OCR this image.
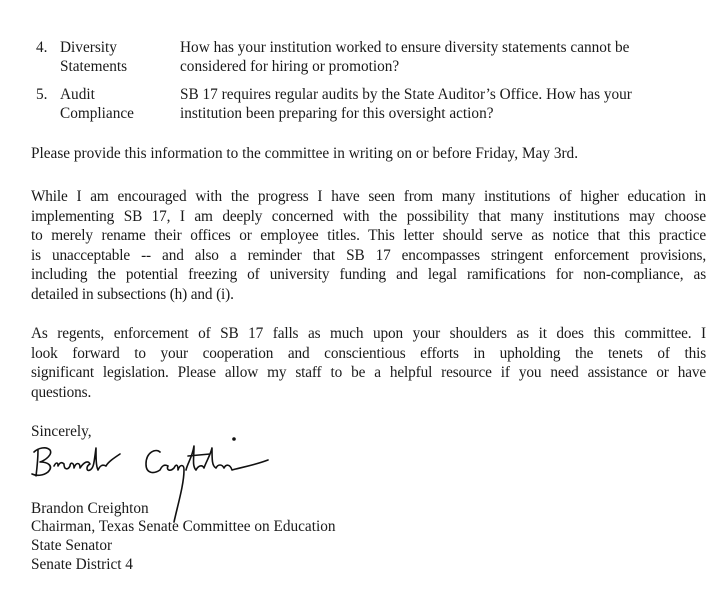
4. Diversity
Statements
How has your institution worked to ensure diversity statements cannot be
considered for hiring or promotion?
5. Audit
Compliance
SB 17 requires regular audits by the State Auditor’s Office. How has your
institution been preparing for this oversight action?
Please provide this information to the committee in writing on or before Friday, May 3rd.
While I am encouraged with the progress I have seen from many institutions of higher education in
implementing SB 17, I am deeply concerned with the possibility that many institutions may choose
to merely rename their offices or employee titles. This letter should serve as notice that this practice
is unacceptable -- and also a reminder that SB 17 encompasses stringent enforcement provisions,
including the potential freezing of university funding and legal ramifications for non-compliance, as
detailed in subsections (h) and (i).
As regents, enforcement of SB 17 falls as much upon your shoulders as it does this committee. I
look forward to your cooperation and conscientious efforts in upholding the tenets of this
significant legislation. Please allow my staff to be a helpful resource if you need assistance or have
questions.
Sincerely,
Brandon Creighton
Chairman, Texas Senate Committee on Education
State Senator
Senate District 4
